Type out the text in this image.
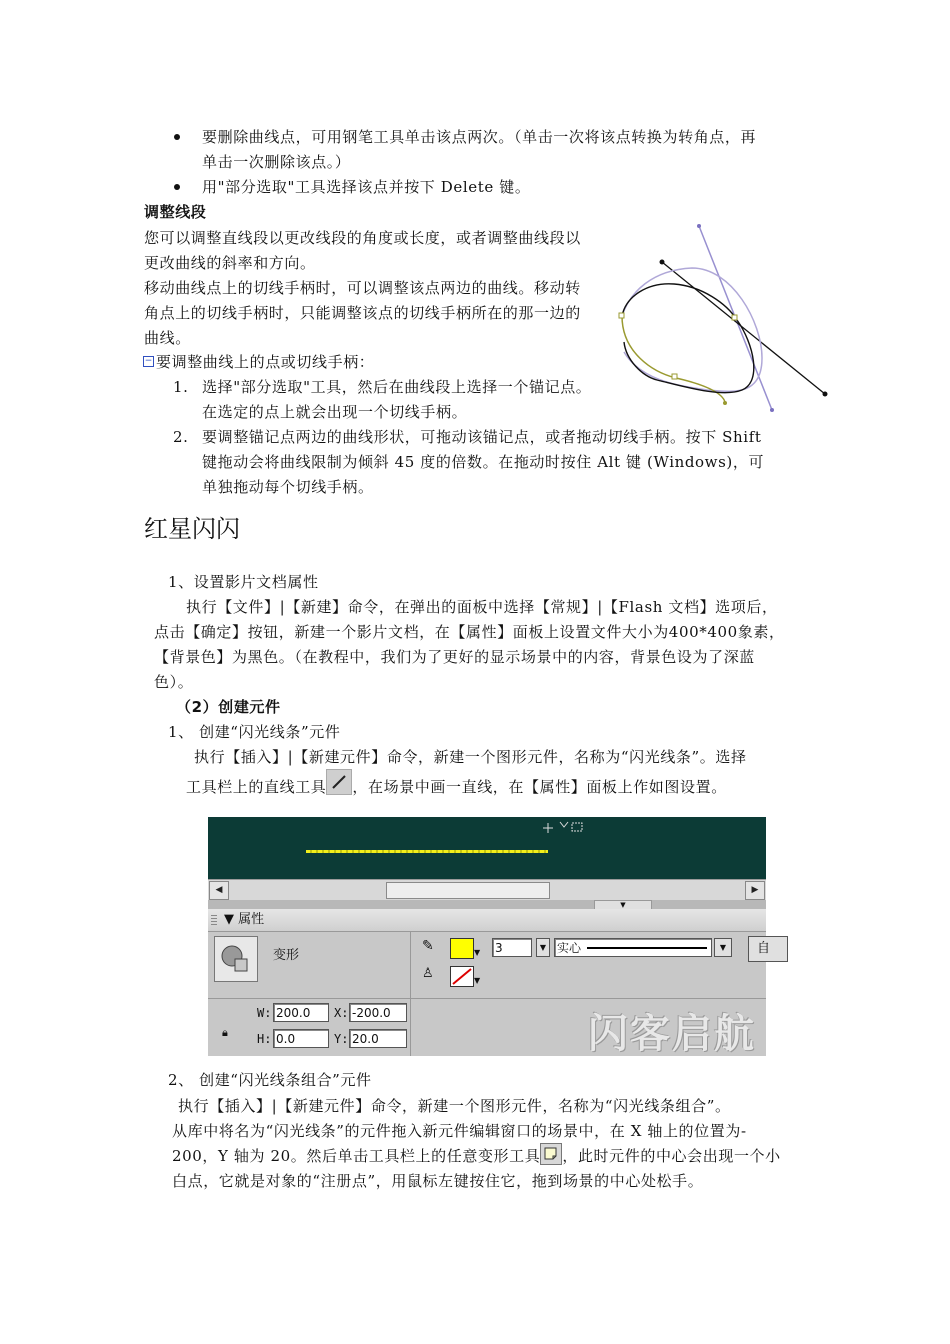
要删除曲线点，可用钢笔工具单击该点两次。（单击一次将该点转换为转角点，再
单击一次删除该点。）
用"部分选取"工具选择该点并按下 Delete 键。
调整线段
您可以调整直线段以更改线段的角度或长度，或者调整曲线段以
更改曲线的斜率和方向。
移动曲线点上的切线手柄时，可以调整该点两边的曲线。移动转
角点上的切线手柄时，只能调整该点的切线手柄所在的那一边的
曲线。
− 要调整曲线上的点或切线手柄：
1. 选择"部分选取"工具，然后在曲线段上选择一个锚记点。
在选定的点上就会出现一个切线手柄。
2. 要调整锚记点两边的曲线形状，可拖动该锚记点，或者拖动切线手柄。按下 Shift
键拖动会将曲线限制为倾斜 45 度的倍数。在拖动时按住 Alt 键 (Windows)，可
单独拖动每个切线手柄。
红星闪闪
1、设置影片文档属性
执行【文件】|【新建】命令，在弹出的面板中选择【常规】|【Flash 文档】选项后，
点击【确定】按钮，新建一个影片文档，在【属性】面板上设置文件大小为400*400象素，
【背景色】为黑色。（在教程中，我们为了更好的显示场景中的内容，背景色设为了深蓝
色）。
（2）创建元件
1、 创建“闪光线条”元件
执行【插入】|【新建元件】命令，新建一个图形元件，名称为“闪光线条”。选择
工具栏上的直线工具 ，在场景中画一直线，在【属性】面板上作如图设置。
◀	▶
▼
▼ 属性
变形
✎	▼
♙	▼
3	▼ 实心	▼	自
🔒︎
W: 200.0
H: 0.0
X: -200.0
Y: 20.0	闪客启航
2、 创建“闪光线条组合”元件
执行【插入】|【新建元件】命令，新建一个图形元件，名称为“闪光线条组合”。
从库中将名为“闪光线条”的元件拖入新元件编辑窗口的场景中，在 X 轴上的位置为-
200，Y 轴为 20。然后单击工具栏上的任意变形工具 ，此时元件的中心会出现一个小
白点，它就是对象的“注册点”，用鼠标左键按住它，拖到场景的中心处松手。
